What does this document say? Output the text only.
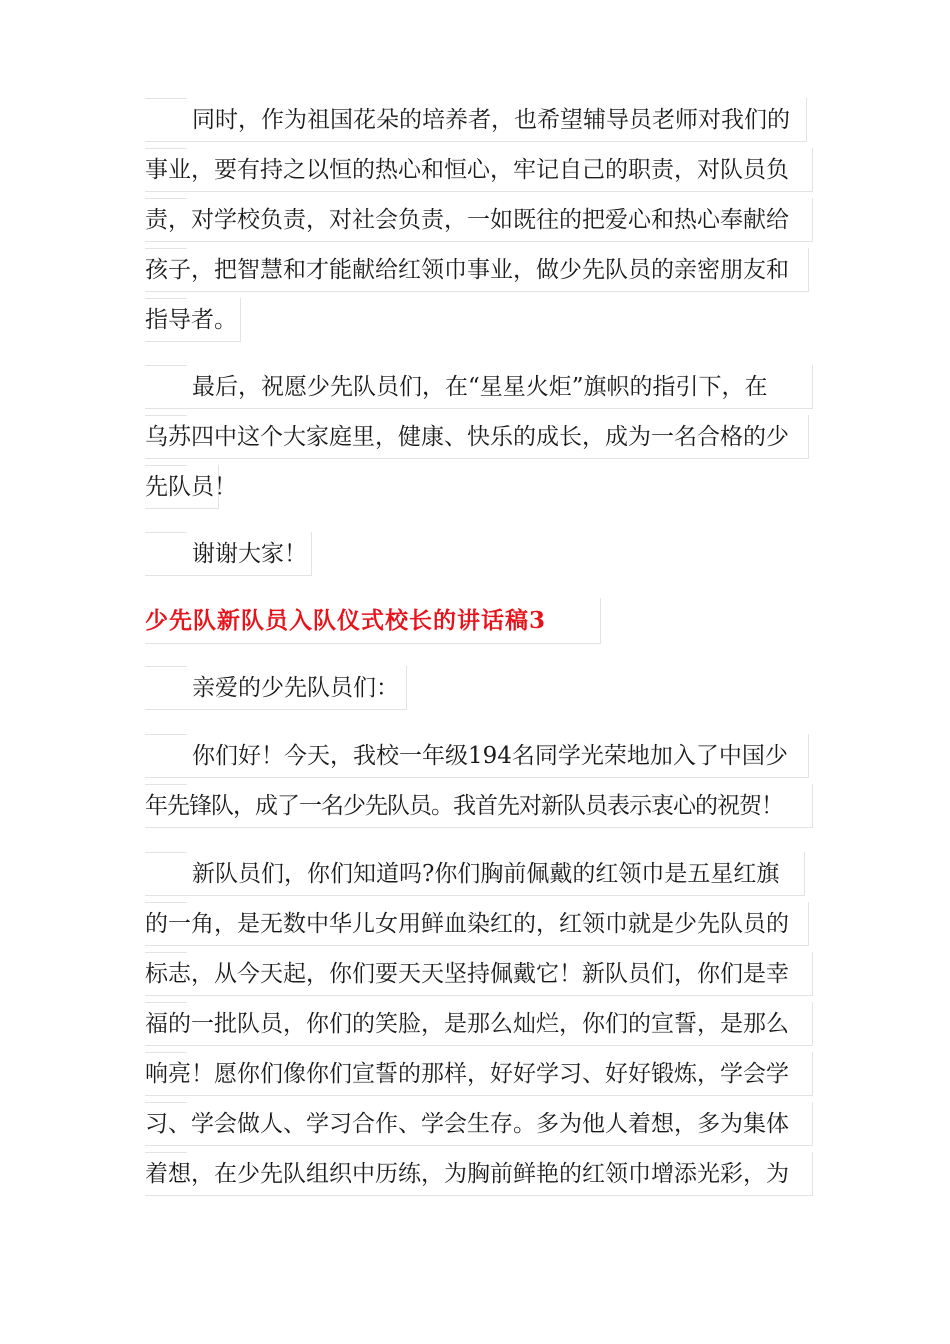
同时，作为祖国花朵的培养者，也希望辅导员老师对我们的
事业，要有持之以恒的热心和恒心，牢记自己的职责，对队员负
责，对学校负责，对社会负责，一如既往的把爱心和热心奉献给
孩子，把智慧和才能献给红领巾事业，做少先队员的亲密朋友和
指导者。
最后，祝愿少先队员们，在“星星火炬”旗帜的指引下，在
乌苏四中这个大家庭里，健康、快乐的成长，成为一名合格的少
先队员！
谢谢大家！
少先队新队员入队仪式校长的讲话稿3
亲爱的少先队员们：
你们好！今天，我校一年级194名同学光荣地加入了中国少
年先锋队，成了一名少先队员。我首先对新队员表示衷心的祝贺！
新队员们，你们知道吗?你们胸前佩戴的红领巾是五星红旗
的一角，是无数中华儿女用鲜血染红的，红领巾就是少先队员的
标志，从今天起，你们要天天坚持佩戴它！新队员们，你们是幸
福的一批队员，你们的笑脸，是那么灿烂，你们的宣誓，是那么
响亮！愿你们像你们宣誓的那样，好好学习、好好锻炼，学会学
习、学会做人、学习合作、学会生存。多为他人着想，多为集体
着想，在少先队组织中历练，为胸前鲜艳的红领巾增添光彩，为
